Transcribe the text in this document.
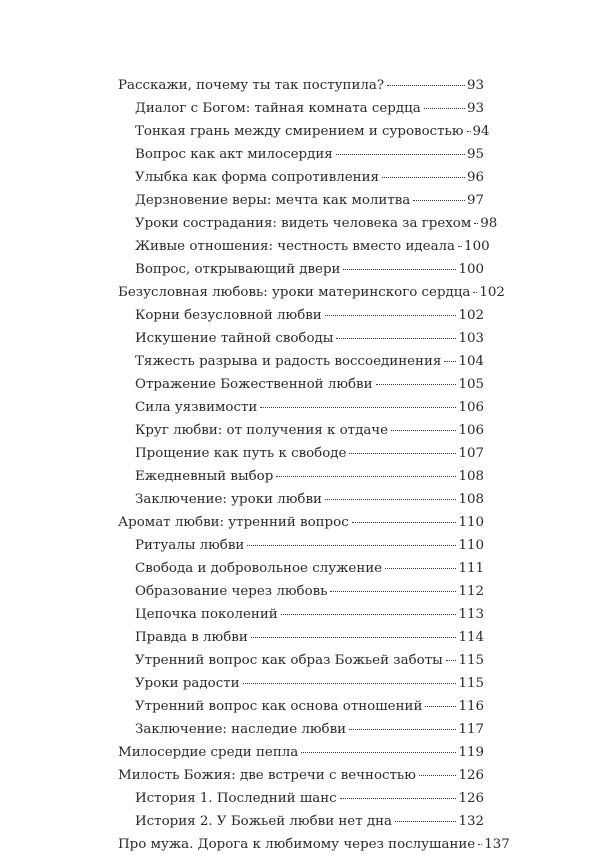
Расскажи, почему ты так поступила?	93
Диалог с Богом: тайная комната сердца	93
Тонкая грань между смирением и суровостью 94
Вопрос как акт милосердия	95
Улыбка как форма сопротивления	96
Дерзновение веры: мечта как молитва	97
Уроки сострадания: видеть человека за грехом 98
Живые отношения: честность вместо идеала 100
Вопрос, открывающий двери	100
Безусловная любовь: уроки материнского сердца 102
Корни безусловной любви	102
Искушение тайной свободы	103
Тяжесть разрыва и радость воссоединения 104
Отражение Божественной любви	105
Сила уязвимости	106
Круг любви: от получения к отдаче	106
Прощение как путь к свободе	107
Ежедневный выбор	108
Заключение: уроки любви	108
Аромат любви: утренний вопрос	110
Ритуалы любви	110
Свобода и добровольное служение	111
Образование через любовь	112
Цепочка поколений	113
Правда в любви	114
Утренний вопрос как образ Божьей заботы 115
Уроки радости	115
Утренний вопрос как основа отношений	116
Заключение: наследие любви	117
Милосердие среди пепла	119
Милость Божия: две встречи с вечностью	126
История 1. Последний шанс	126
История 2. У Божьей любви нет дна	132
Про мужа. Дорога к любимому через послушание 137
